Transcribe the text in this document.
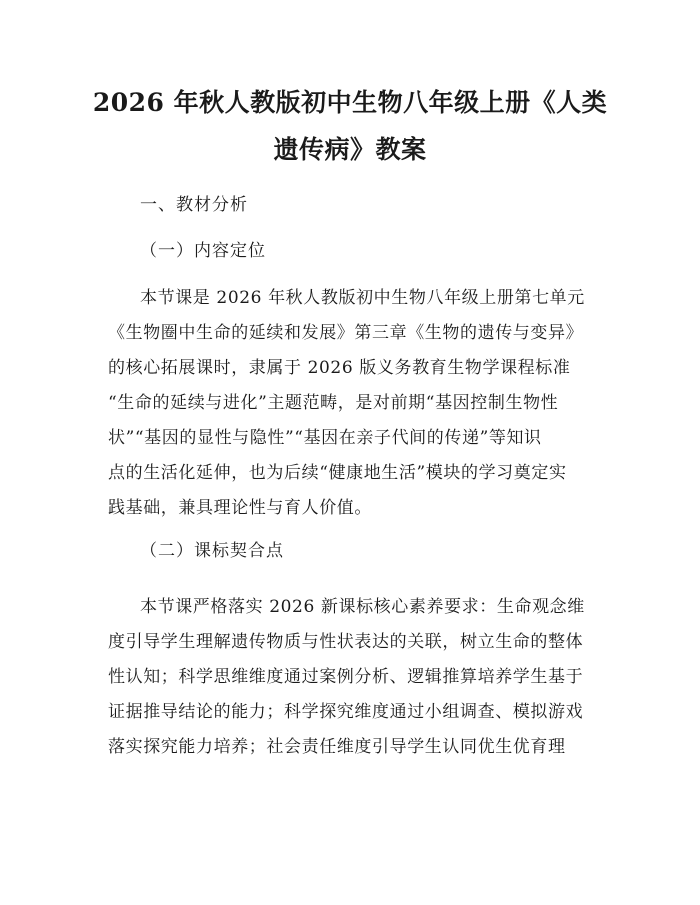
2026 年秋人教版初中生物八年级上册《人类
遗传病》教案
一、教材分析
（一）内容定位
本节课是 2026 年秋人教版初中生物八年级上册第七单元
《生物圈中生命的延续和发展》第三章《生物的遗传与变异》
的核心拓展课时，隶属于 2026 版义务教育生物学课程标准
“生命的延续与进化”主题范畴，是对前期“基因控制生物性
状”“基因的显性与隐性”“基因在亲子代间的传递”等知识
点的生活化延伸，也为后续“健康地生活”模块的学习奠定实
践基础，兼具理论性与育人价值。
（二）课标契合点
本节课严格落实 2026 新课标核心素养要求：生命观念维
度引导学生理解遗传物质与性状表达的关联，树立生命的整体
性认知；科学思维维度通过案例分析、逻辑推算培养学生基于
证据推导结论的能力；科学探究维度通过小组调查、模拟游戏
落实探究能力培养；社会责任维度引导学生认同优生优育理
